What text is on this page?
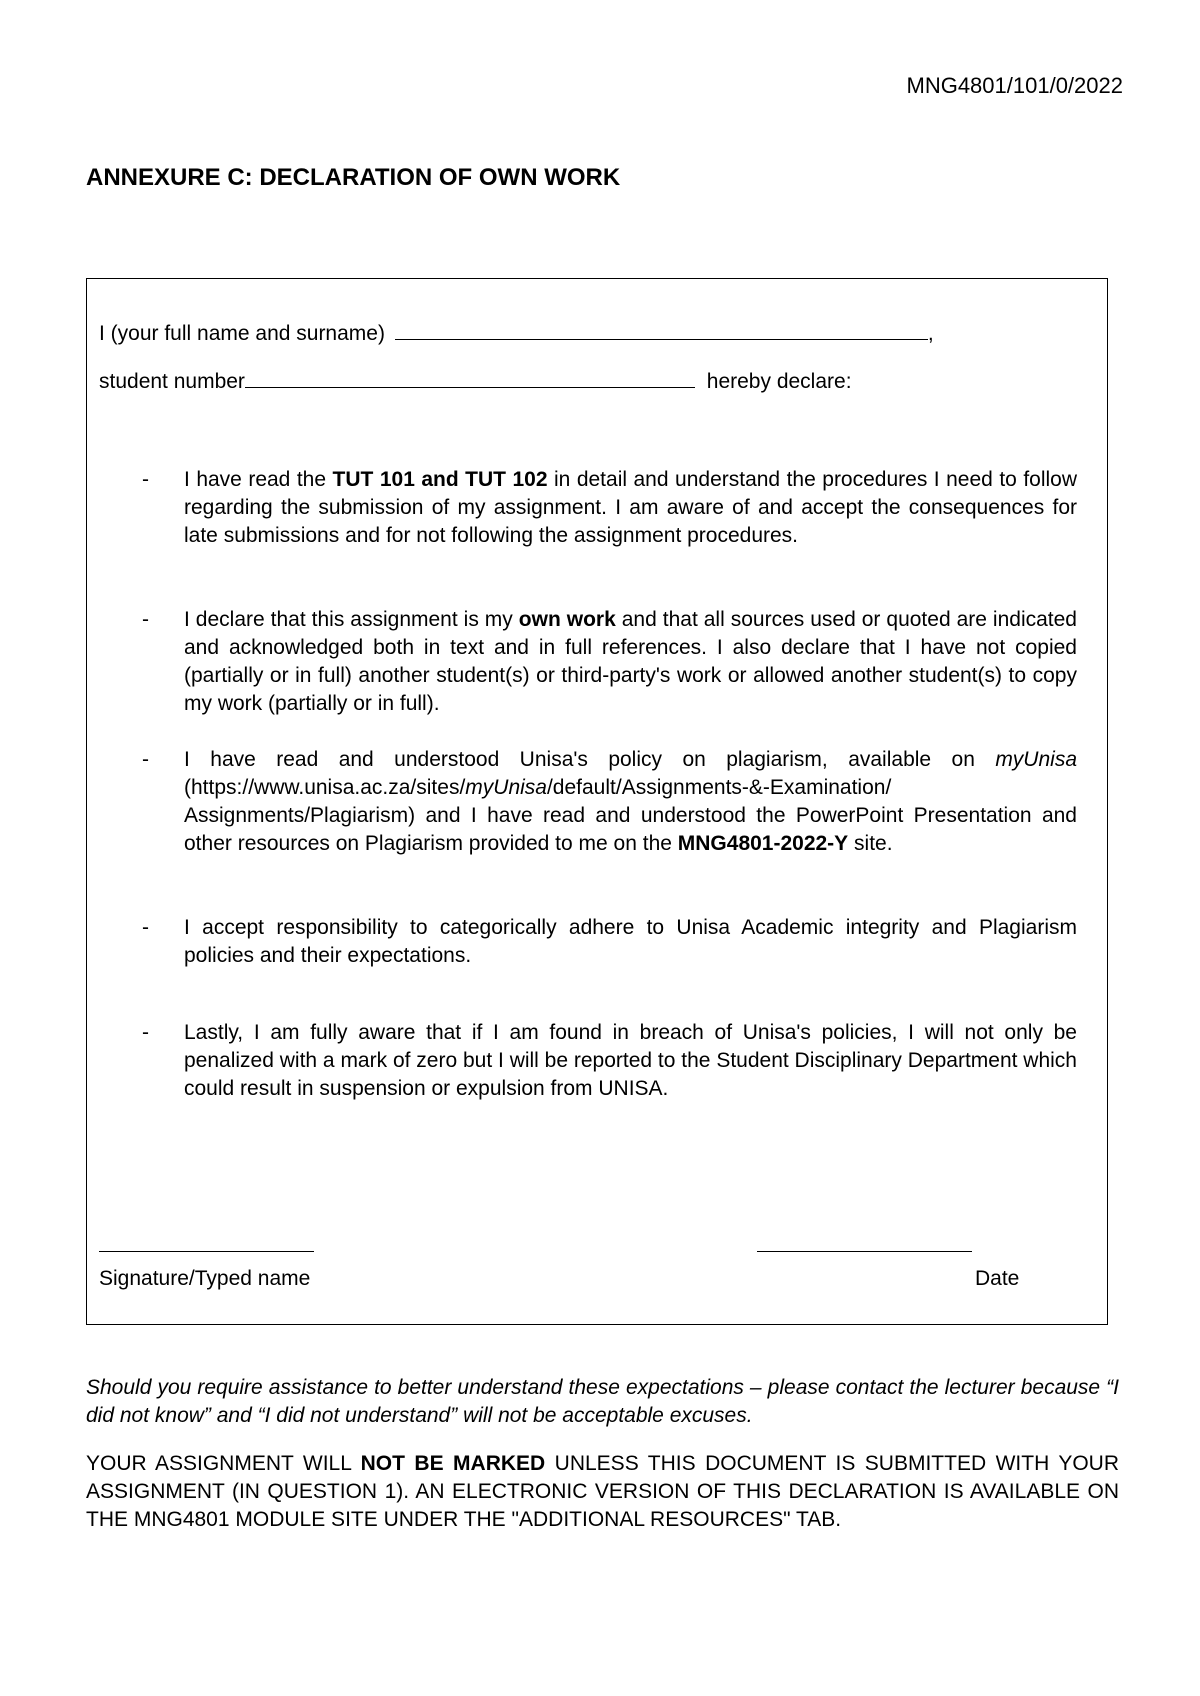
MNG4801/101/0/2022
ANNEXURE C: DECLARATION OF OWN WORK
I (your full name and surname)	,
student number	hereby declare:
- I have read the TUT 101 and TUT 102 in detail and understand the procedures I need to follow regarding the submission of my assignment. I am aware of and accept the consequences for late submissions and for not following the assignment procedures.
- I declare that this assignment is my own work and that all sources used or quoted are indicated and acknowledged both in text and in full references. I also declare that I have not copied (partially or in full) another student(s) or third-party's work or allowed another student(s) to copy my work (partially or in full).
- I have read and understood Unisa's policy on plagiarism, available on myUnisa (https://www.unisa.ac.za/sites/myUnisa/default/Assignments-&-Examination/ Assignments/Plagiarism) and I have read and understood the PowerPoint Presentation and other resources on Plagiarism provided to me on the MNG4801-2022-Y site.
- I accept responsibility to categorically adhere to Unisa Academic integrity and Plagiarism policies and their expectations.
- Lastly, I am fully aware that if I am found in breach of Unisa's policies, I will not only be penalized with a mark of zero but I will be reported to the Student Disciplinary Department which could result in suspension or expulsion from UNISA.
Signature/Typed name	Date

Should you require assistance to better understand these expectations – please contact the lecturer because “I did not know” and “I did not understand” will not be acceptable excuses.

YOUR ASSIGNMENT WILL NOT BE MARKED UNLESS THIS DOCUMENT IS SUBMITTED WITH YOUR ASSIGNMENT (IN QUESTION 1). AN ELECTRONIC VERSION OF THIS DECLARATION IS AVAILABLE ON THE MNG4801 MODULE SITE UNDER THE "ADDITIONAL RESOURCES" TAB.
